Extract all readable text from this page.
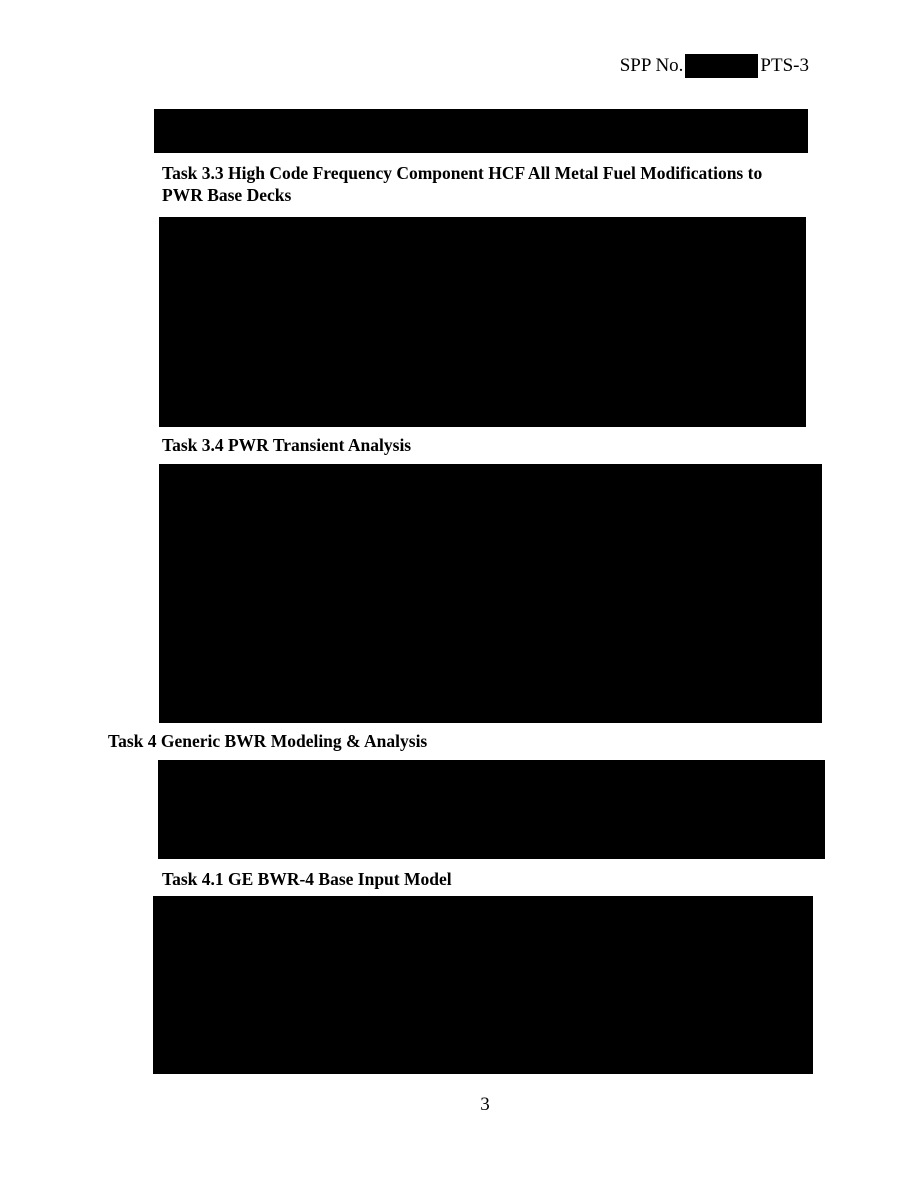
SPP No.	PTS-3
Task 3.3 High Code Frequency Component HCF All Metal Fuel Modifications to PWR Base Decks
Task 3.4 PWR Transient Analysis
Task 4 Generic BWR Modeling & Analysis
Task 4.1 GE BWR-4 Base Input Model
3
